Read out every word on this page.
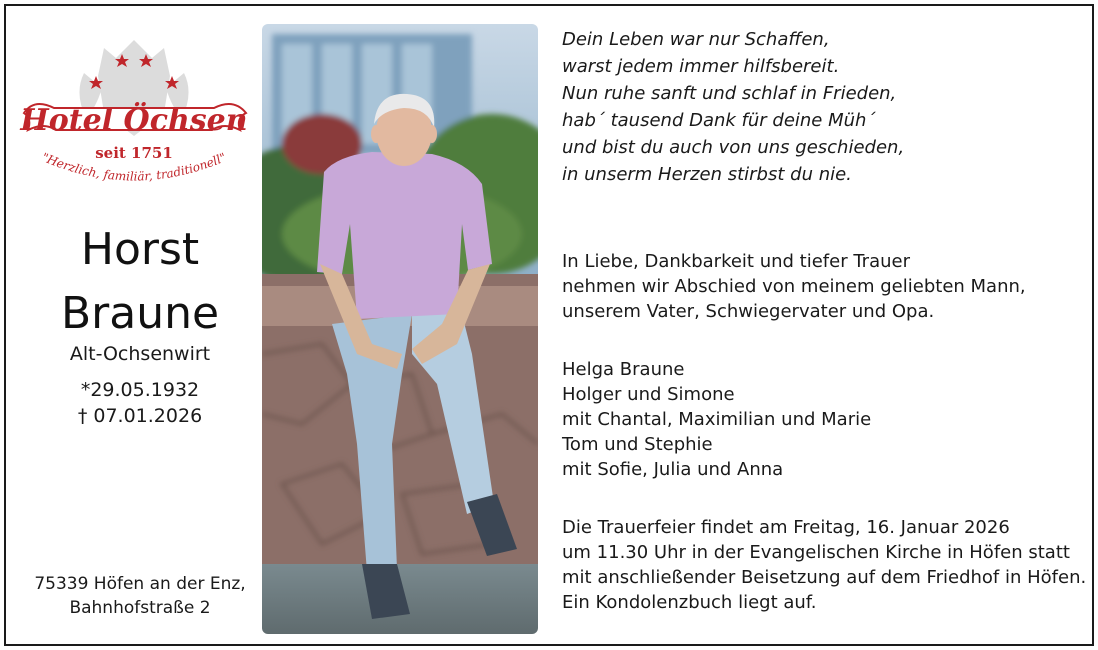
Hotel Öchsen
seit 1751
"Herzlich, familiär, traditionell"
Horst
Braune
Alt-Ochsenwirt
*29.05.1932
† 07.01.2026
75339 Höfen an der Enz,
Bahnhofstraße 2
Dein Leben war nur Schaffen,
warst jedem immer hilfsbereit.
Nun ruhe sanft und schlaf in Frieden,
hab´ tausend Dank für deine Müh´
und bist du auch von uns geschieden,
in unserm Herzen stirbst du nie.
In Liebe, Dankbarkeit und tiefer Trauer
nehmen wir Abschied von meinem geliebten Mann,
unserem Vater, Schwiegervater und Opa.
Helga Braune
Holger und Simone
mit Chantal, Maximilian und Marie
Tom und Stephie
mit Sofie, Julia und Anna
Die Trauerfeier findet am Freitag, 16. Januar 2026
um 11.30 Uhr in der Evangelischen Kirche in Höfen statt
mit anschließender Beisetzung auf dem Friedhof in Höfen.
Ein Kondolenzbuch liegt auf.
